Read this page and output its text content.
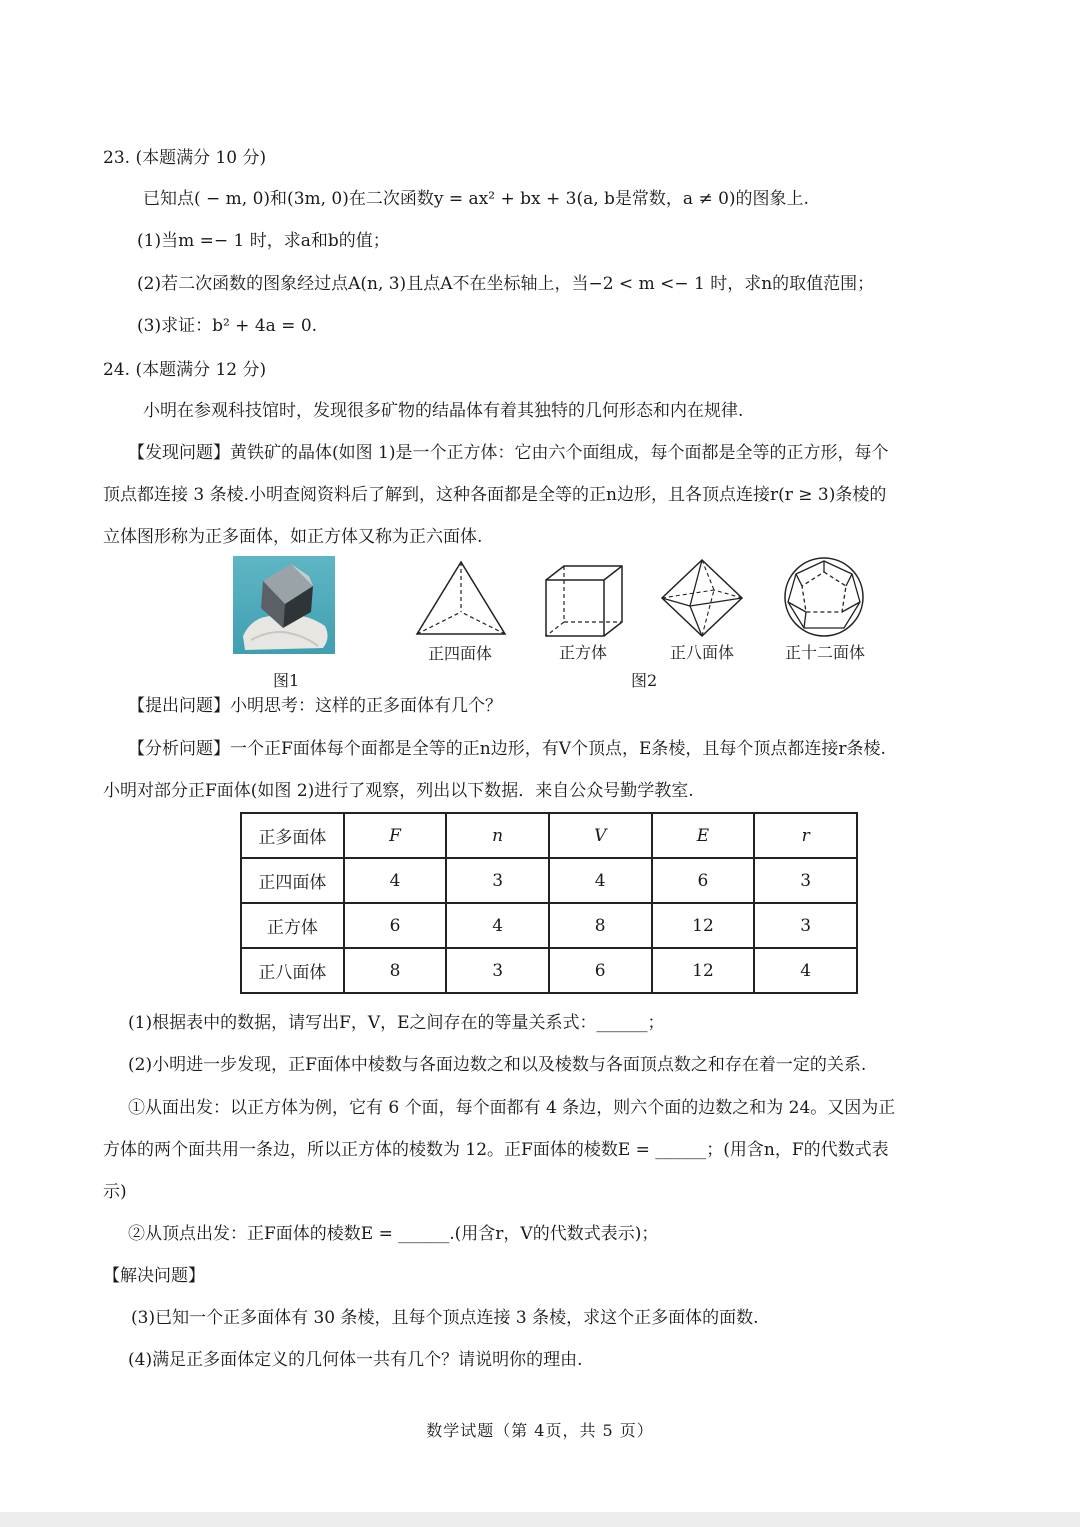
23. (本题满分 10 分)
已知点( − m, 0)和(3m, 0)在二次函数y = ax² + bx + 3(a, b是常数，a ≠ 0)的图象上.
(1)当m =− 1 时，求a和b的值；
(2)若二次函数的图象经过点A(n, 3)且点A不在坐标轴上，当−2 < m <− 1 时，求n的取值范围；
(3)求证：b² + 4a = 0.
24. (本题满分 12 分)
小明在参观科技馆时，发现很多矿物的结晶体有着其独特的几何形态和内在规律.
【发现问题】黄铁矿的晶体(如图 1)是一个正方体：它由六个面组成，每个面都是全等的正方形，每个
顶点都连接 3 条棱.小明查阅资料后了解到，这种各面都是全等的正n边形，且各顶点连接r(r ≥ 3)条棱的
立体图形称为正多面体，如正方体又称为正六面体.
正四面体	正方体	正八面体	正十二面体
图1	图2
【提出问题】小明思考：这样的正多面体有几个？
【分析问题】一个正F面体每个面都是全等的正n边形，有V个顶点，E条棱，且每个顶点都连接r条棱.
小明对部分正F面体(如图 2)进行了观察，列出以下数据．来自公众号勤学教室.
正多面体	F	n	V	E	r
正四面体	4	3	4	6	3
正方体	6	4	8	12	3
正八面体	8	3	6	12	4
(1)根据表中的数据，请写出F，V，E之间存在的等量关系式：______；
(2)小明进一步发现，正F面体中棱数与各面边数之和以及棱数与各面顶点数之和存在着一定的关系.
①从面出发：以正方体为例，它有 6 个面，每个面都有 4 条边，则六个面的边数之和为 24。又因为正
方体的两个面共用一条边，所以正方体的棱数为 12。正F面体的棱数E = ______；(用含n，F的代数式表
示)
②从顶点出发：正F面体的棱数E = ______.(用含r，V的代数式表示)；
【解决问题】
(3)已知一个正多面体有 30 条棱，且每个顶点连接 3 条棱，求这个正多面体的面数.
(4)满足正多面体定义的几何体一共有几个？请说明你的理由.
数学试题（第 4页，共 5 页）
